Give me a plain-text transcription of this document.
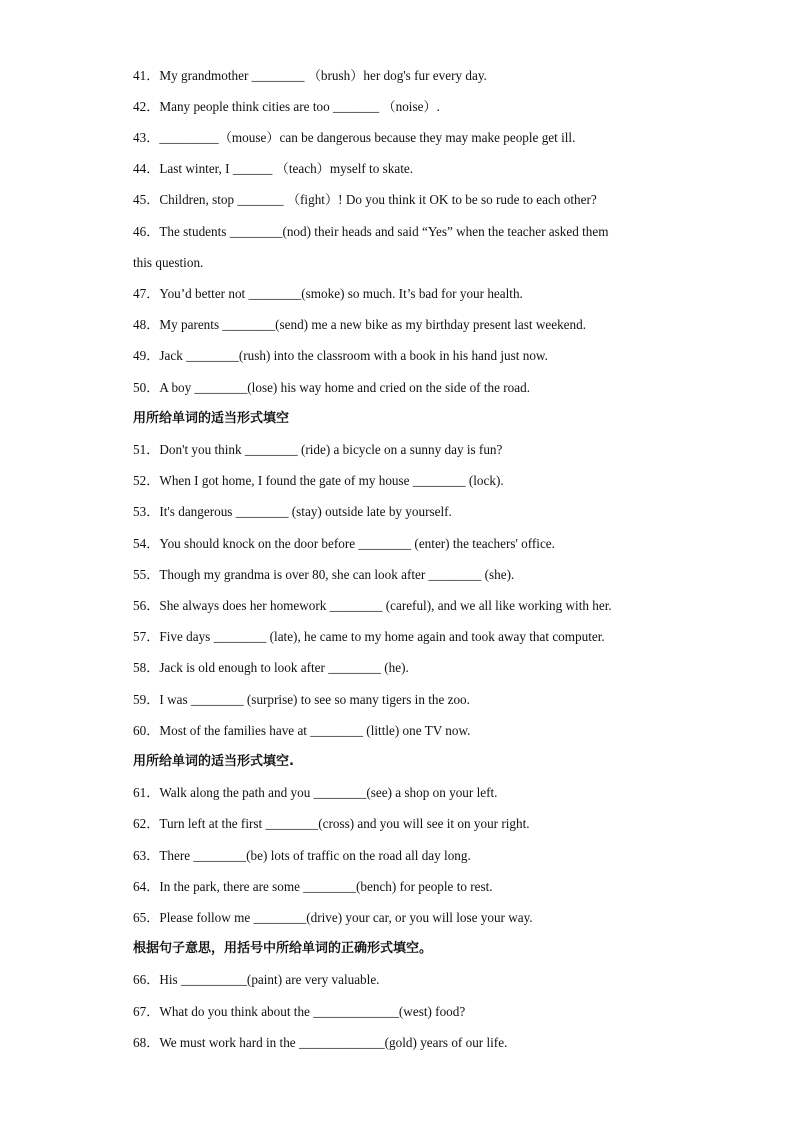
41．My grandmother ________ （brush）her dog's fur every day.
42．Many people think cities are too _______ （noise）.
43．_________（mouse）can be dangerous because they may make people get ill.
44．Last winter, I ______ （teach）myself to skate.
45．Children, stop _______ （fight）! Do you think it OK to be so rude to each other?
46．The students ________(nod) their heads and said “Yes” when the teacher asked them
this question.
47．You’d better not ________(smoke) so much. It’s bad for your health.
48．My parents ________(send) me a new bike as my birthday present last weekend.
49．Jack ________(rush) into the classroom with a book in his hand just now.
50．A boy ________(lose) his way home and cried on the side of the road.
用所给单词的适当形式填空
51．Don't you think ________ (ride) a bicycle on a sunny day is fun?
52．When I got home, I found the gate of my house ________ (lock).
53．It's dangerous ________ (stay) outside late by yourself.
54．You should knock on the door before ________ (enter) the teachers' office.
55．Though my grandma is over 80, she can look after ________ (she).
56．She always does her homework ________ (careful), and we all like working with her.
57．Five days ________ (late), he came to my home again and took away that computer.
58．Jack is old enough to look after ________ (he).
59．I was ________ (surprise) to see so many tigers in the zoo.
60．Most of the families have at ________ (little) one TV now.
用所给单词的适当形式填空.
61．Walk along the path and you ________(see) a shop on your left.
62．Turn left at the first ________(cross) and you will see it on your right.
63．There ________(be) lots of traffic on the road all day long.
64．In the park, there are some ________(bench) for people to rest.
65．Please follow me ________(drive) your car, or you will lose your way.
根据句子意思，用括号中所给单词的正确形式填空。
66．His __________(paint) are very valuable.
67．What do you think about the _____________(west) food?
68．We must work hard in the _____________(gold) years of our life.
